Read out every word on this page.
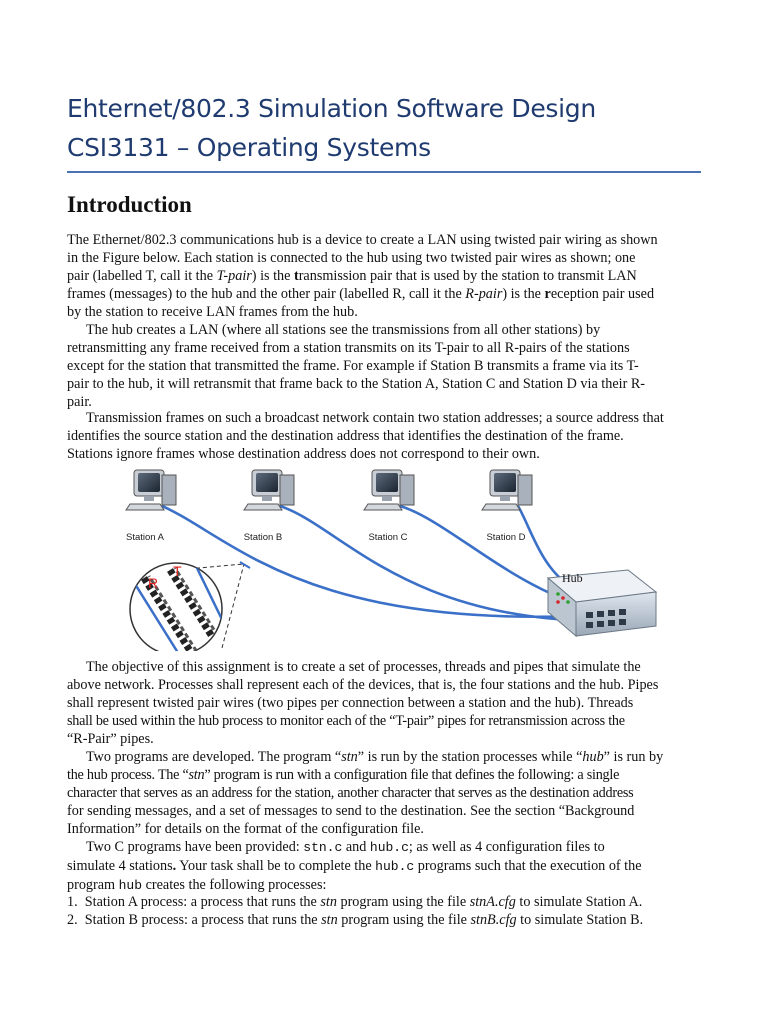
Ehternet/802.3 Simulation Software Design
CSI3131 – Operating Systems
Introduction
The Ethernet/802.3 communications hub is a device to create a LAN using twisted pair wiring as shown
in the Figure below. Each station is connected to the hub using two twisted pair wires as shown; one
pair (labelled T, call it the T-pair) is the transmission pair that is used by the station to transmit LAN
frames (messages) to the hub and the other pair (labelled R, call it the R-pair) is the reception pair used
by the station to receive LAN frames from the hub.
The hub creates a LAN (where all stations see the transmissions from all other stations) by
retransmitting any frame received from a station transmits on its T-pair to all R-pairs of the stations
except for the station that transmitted the frame. For example if Station B transmits a frame via its T-
pair to the hub, it will retransmit that frame back to the Station A, Station C and Station D via their R-
pair.
Transmission frames on such a broadcast network contain two station addresses; a source address that
identifies the source station and the destination address that identifies the destination of the frame.
Stations ignore frames whose destination address does not correspond to their own.
Station A	Station B	Station C	Station D
R
T	Hub
The objective of this assignment is to create a set of processes, threads and pipes that simulate the
above network. Processes shall represent each of the devices, that is, the four stations and the hub. Pipes
shall represent twisted pair wires (two pipes per connection between a station and the hub). Threads
shall be used within the hub process to monitor each of the “T-pair” pipes for retransmission across the
“R-Pair” pipes.
Two programs are developed. The program “stn” is run by the station processes while “hub” is run by
the hub process. The “stn” program is run with a configuration file that defines the following: a single
character that serves as an address for the station, another character that serves as the destination address
for sending messages, and a set of messages to send to the destination. See the section “Background
Information” for details on the format of the configuration file.
Two C programs have been provided: stn.c and hub.c; as well as 4 configuration files to
simulate 4 stations. Your task shall be to complete the hub.c programs such that the execution of the
program hub creates the following processes:
1. Station A process: a process that runs the stn program using the file stnA.cfg to simulate Station A.
2. Station B process: a process that runs the stn program using the file stnB.cfg to simulate Station B.
